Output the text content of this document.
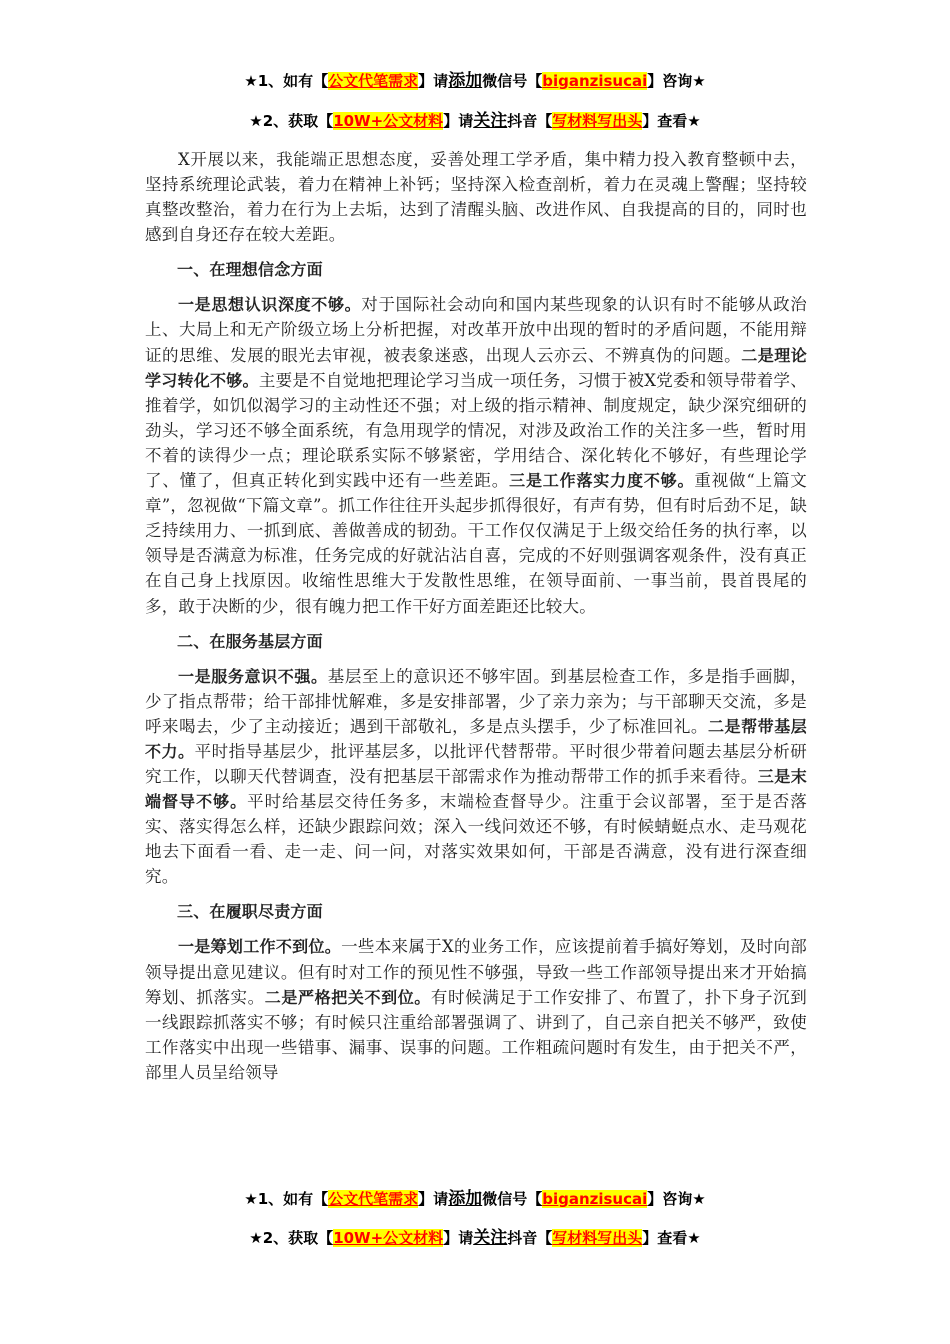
★1、如有【公文代笔需求】请添加微信号【biganzisucai】咨询★
★2、获取【10W+公文材料】请关注抖音【写材料写出头】查看★

X开展以来，我能端正思想态度，妥善处理工学矛盾，集中精力投入教育整顿中去，坚持系统理论武装，着力在精神上补钙；坚持深入检查剖析，着力在灵魂上警醒；坚持较真整改整治，着力在行为上去垢，达到了清醒头脑、改进作风、自我提高的目的，同时也感到自身还存在较大差距。

一、在理想信念方面

一是思想认识深度不够。对于国际社会动向和国内某些现象的认识有时不能够从政治上、大局上和无产阶级立场上分析把握，对改革开放中出现的暂时的矛盾问题，不能用辩证的思维、发展的眼光去审视，被表象迷惑，出现人云亦云、不辨真伪的问题。二是理论学习转化不够。主要是不自觉地把理论学习当成一项任务，习惯于被X党委和领导带着学、推着学，如饥似渴学习的主动性还不强；对上级的指示精神、制度规定，缺少深究细研的劲头，学习还不够全面系统，有急用现学的情况，对涉及政治工作的关注多一些，暂时用不着的读得少一点；理论联系实际不够紧密，学用结合、深化转化不够好，有些理论学了、懂了，但真正转化到实践中还有一些差距。三是工作落实力度不够。重视做“上篇文章”，忽视做“下篇文章”。抓工作往往开头起步抓得很好，有声有势，但有时后劲不足，缺乏持续用力、一抓到底、善做善成的韧劲。干工作仅仅满足于上级交给任务的执行率，以领导是否满意为标准，任务完成的好就沾沾自喜，完成的不好则强调客观条件，没有真正在自己身上找原因。收缩性思维大于发散性思维，在领导面前、一事当前，畏首畏尾的多，敢于决断的少，很有魄力把工作干好方面差距还比较大。

二、在服务基层方面

一是服务意识不强。基层至上的意识还不够牢固。到基层检查工作，多是指手画脚，少了指点帮带；给干部排忧解难，多是安排部署，少了亲力亲为；与干部聊天交流，多是呼来喝去，少了主动接近；遇到干部敬礼，多是点头摆手，少了标准回礼。二是帮带基层不力。平时指导基层少，批评基层多，以批评代替帮带。平时很少带着问题去基层分析研究工作，以聊天代替调查，没有把基层干部需求作为推动帮带工作的抓手来看待。三是末端督导不够。平时给基层交待任务多，末端检查督导少。注重于会议部署，至于是否落实、落实得怎么样，还缺少跟踪问效；深入一线问效还不够，有时候蜻蜓点水、走马观花地去下面看一看、走一走、问一问，对落实效果如何，干部是否满意，没有进行深查细究。

三、在履职尽责方面

一是筹划工作不到位。一些本来属于X的业务工作，应该提前着手搞好筹划，及时向部领导提出意见建议。但有时对工作的预见性不够强，导致一些工作部领导提出来才开始搞筹划、抓落实。二是严格把关不到位。有时候满足于工作安排了、布置了，扑下身子沉到一线跟踪抓落实不够；有时候只注重给部署强调了、讲到了，自己亲自把关不够严，致使工作落实中出现一些错事、漏事、误事的问题。工作粗疏问题时有发生，由于把关不严，部里人员呈给领导

★1、如有【公文代笔需求】请添加微信号【biganzisucai】咨询★
★2、获取【10W+公文材料】请关注抖音【写材料写出头】查看★
